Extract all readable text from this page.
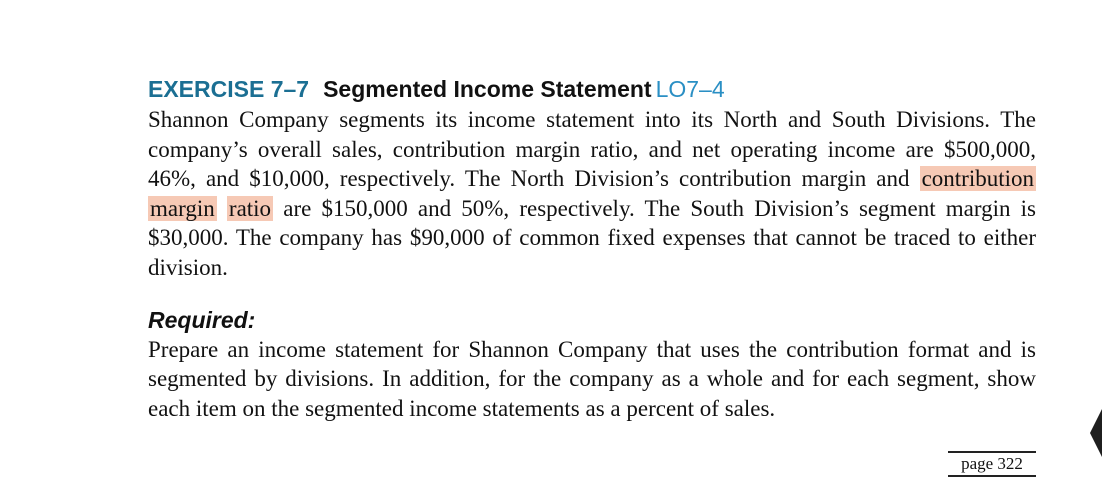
EXERCISE 7–7 Segmented Income Statement LO7–4

Shannon Company segments its income statement into its North and South Divisions. The company’s overall sales, contribution margin ratio, and net operating income are $500,000, 46%, and $10,000, respectively. The North Division’s contribution margin and contribution margin ratio are $150,000 and 50%, respectively. The South Division’s segment margin is $30,000. The company has $90,000 of common fixed expenses that cannot be traced to either division.

Required:

Prepare an income statement for Shannon Company that uses the contribution format and is segmented by divisions. In addition, for the company as a whole and for each segment, show each item on the segmented income statements as a percent of sales.

page 322
